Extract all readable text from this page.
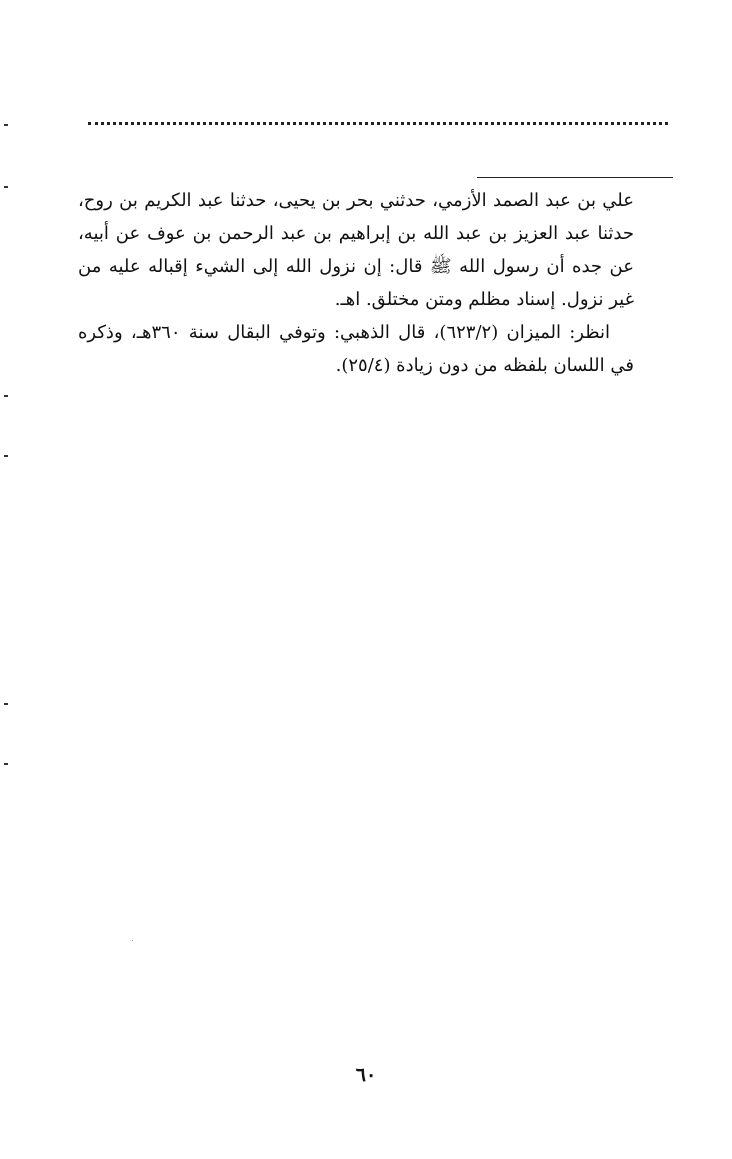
علي بن عبد الصمد الأزمي، حدثني بحر بن يحيى، حدثنا عبد الكريم بن روح، حدثنا عبد العزيز بن عبد الله بن إبراهيم بن عبد الرحمن بن عوف عن أبيه، عن جده أن رسول الله ﷺ قال: إن نزول الله إلى الشيء إقباله عليه من غير نزول. إسناد مظلم ومتن مختلق. اهـ.

انظر: الميزان (٦٢٣/٢)، قال الذهبي: وتوفي البقال سنة ٣٦٠هـ، وذكره في اللسان بلفظه من دون زيادة (٢٥/٤).

٦٠
